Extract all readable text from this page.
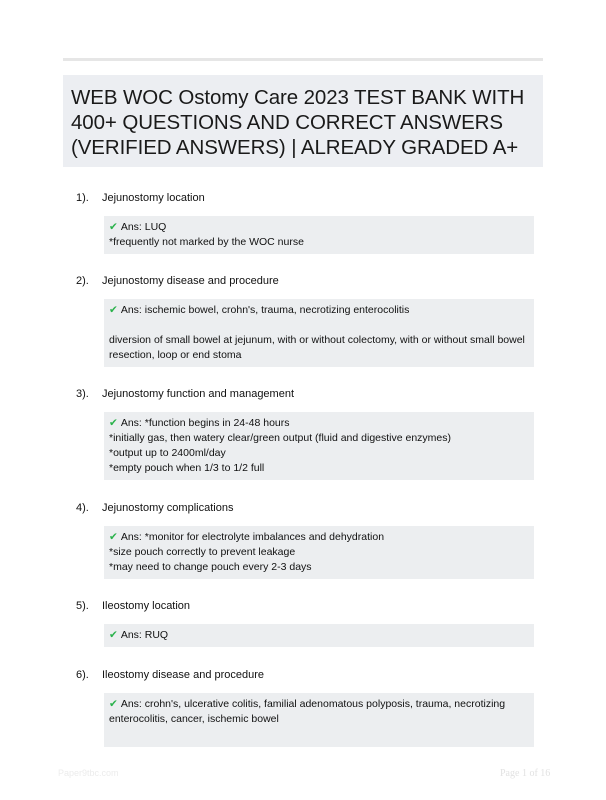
WEB WOC Ostomy Care 2023 TEST BANK WITH 400+ QUESTIONS AND CORRECT ANSWERS (VERIFIED ANSWERS) | ALREADY GRADED A+
1). Jejunostomy location
✔ Ans: LUQ
*frequently not marked by the WOC nurse
2). Jejunostomy disease and procedure
✔ Ans: ischemic bowel, crohn's, trauma, necrotizing enterocolitis
diversion of small bowel at jejunum, with or without colectomy, with or without small bowel resection, loop or end stoma
3). Jejunostomy function and management
✔ Ans: *function begins in 24-48 hours
*initially gas, then watery clear/green output (fluid and digestive enzymes)
*output up to 2400ml/day
*empty pouch when 1/3 to 1/2 full
4). Jejunostomy complications
✔ Ans: *monitor for electrolyte imbalances and dehydration
*size pouch correctly to prevent leakage
*may need to change pouch every 2-3 days
5). Ileostomy location
✔ Ans: RUQ
6). Ileostomy disease and procedure
✔ Ans: crohn's, ulcerative colitis, familial adenomatous polyposis, trauma, necrotizing enterocolitis, cancer, ischemic bowel
Paper9tbc.com	Page 1 of 16
